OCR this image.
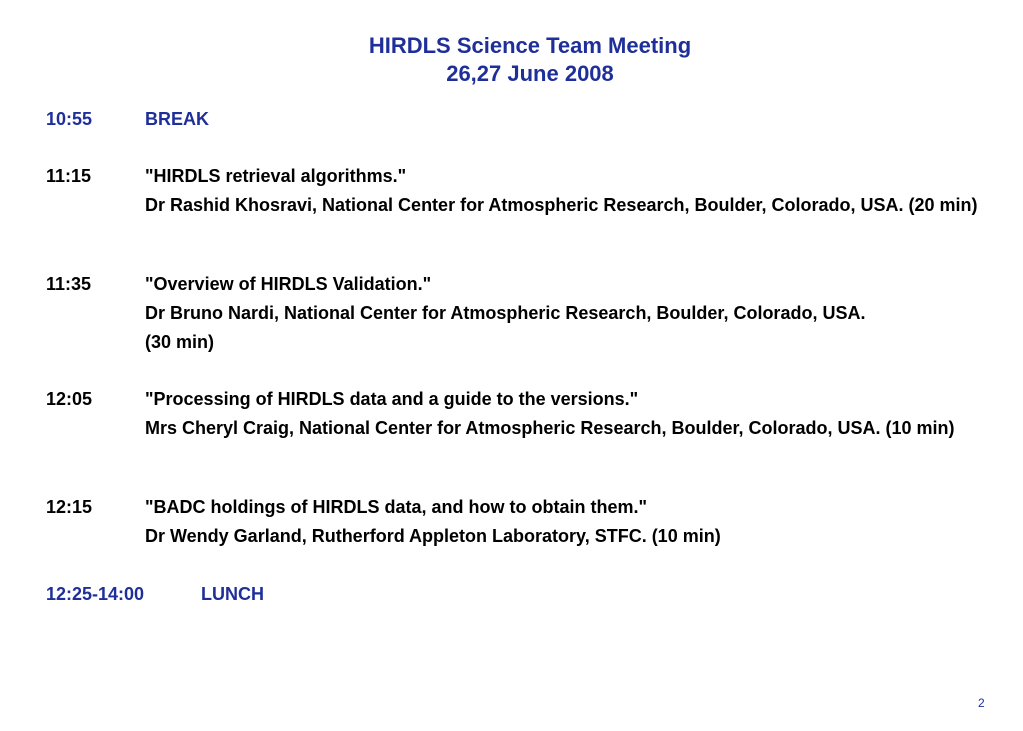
HIRDLS Science Team Meeting
26,27 June 2008
10:55	BREAK
11:15	"HIRDLS retrieval algorithms."
Dr Rashid Khosravi, National Center for Atmospheric Research, Boulder, Colorado, USA. (20 min)
11:35	"Overview of HIRDLS Validation."
Dr Bruno Nardi, National Center for Atmospheric Research, Boulder, Colorado, USA.
(30 min)
12:05	"Processing of HIRDLS data and a guide to the versions."
Mrs Cheryl Craig, National Center for Atmospheric Research, Boulder, Colorado, USA. (10 min)
12:15	"BADC holdings of HIRDLS data, and how to obtain them."
Dr Wendy Garland, Rutherford Appleton Laboratory, STFC. (10 min)
12:25-14:00	LUNCH
2
